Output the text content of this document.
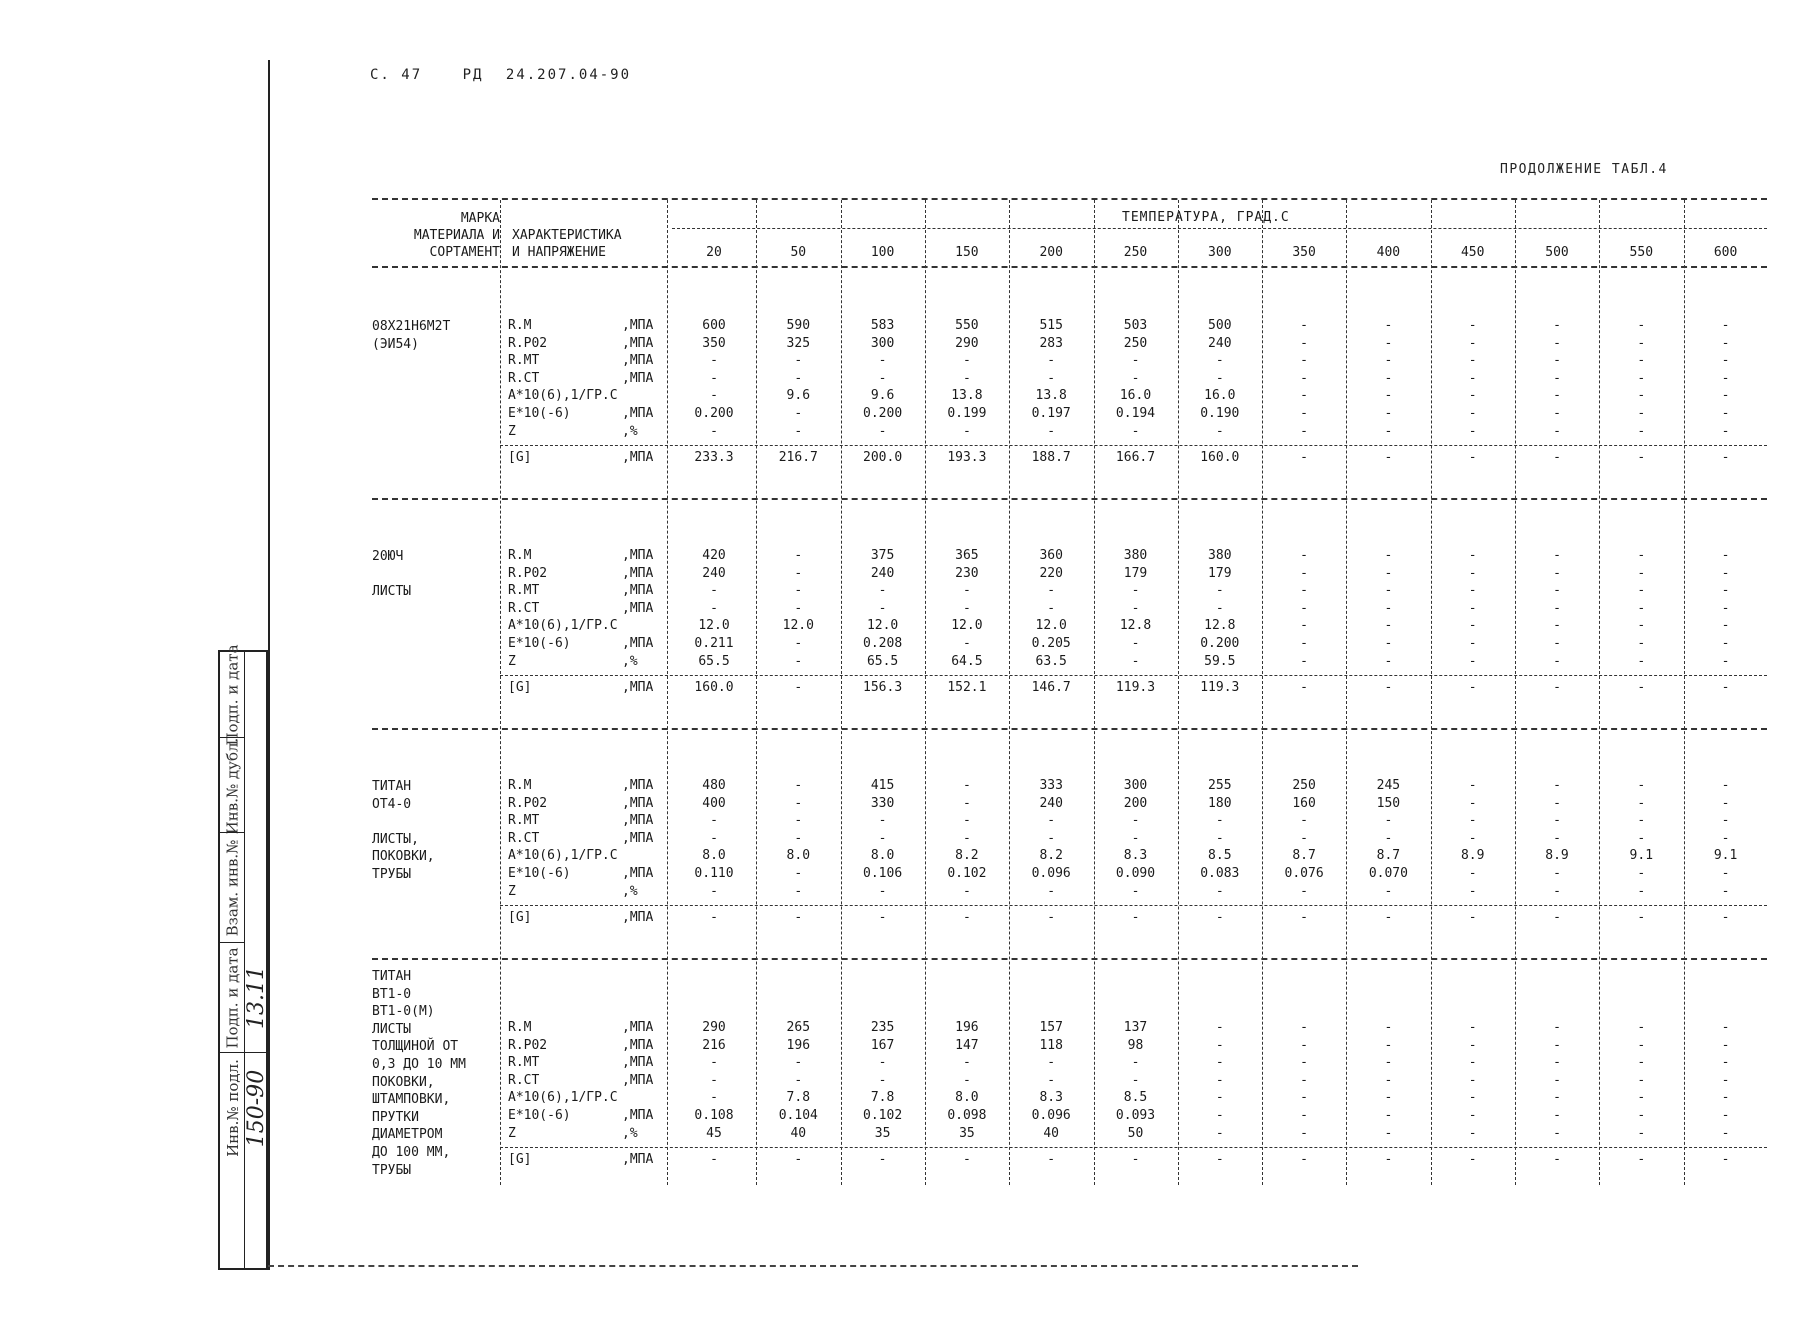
Подп. и дата
Инв.№ дубл.
Взам. инв.№
Подп. и дата
Инв.№ подл.
13.11
150-90
С. 47	РД 24.207.04-90
ПРОДОЛЖЕНИЕ ТАБЛ.4
МАРКА
МАТЕРИАЛА И
СОРТАМЕНТ
ХАРАКТЕРИСТИКА
И НАПРЯЖЕНИЕ
ТЕМПЕРАТУРА, ГРАД.С
20	50	100	150	200	250	300	350	400	450	500	550	600
08Х21Н6М2Т
(ЭИ54)
R.M	,МПА	600	590	583	550	515	503	500	-	-	-	-	-	-
R.P02	,МПА	350	325	300	290	283	250	240	-	-	-	-	-	-
R.MT	,МПА	-	-	-	-	-	-	-	-	-	-	-	-	-
R.CT	,МПА	-	-	-	-	-	-	-	-	-	-	-	-	-
A*10(6),1/ГР.С	-	9.6	9.6	13.8	13.8	16.0	16.0	-	-	-	-	-	-
E*10(-6)	,МПА	0.200	-	0.200	0.199	0.197	0.194	0.190	-	-	-	-	-	-
Z	,%	-	-	-	-	-	-	-	-	-	-	-	-	-
[G]	,МПА	233.3	216.7	200.0	193.3	188.7	166.7	160.0	-	-	-	-	-	-
20ЮЧ
ЛИСТЫ
R.M	,МПА	420	-	375	365	360	380	380	-	-	-	-	-	-
R.P02	,МПА	240	-	240	230	220	179	179	-	-	-	-	-	-
R.MT	,МПА	-	-	-	-	-	-	-	-	-	-	-	-	-
R.CT	,МПА	-	-	-	-	-	-	-	-	-	-	-	-	-
A*10(6),1/ГР.С	12.0	12.0	12.0	12.0	12.0	12.8	12.8	-	-	-	-	-	-
E*10(-6)	,МПА	0.211	-	0.208	-	0.205	-	0.200	-	-	-	-	-	-
Z	,%	65.5	-	65.5	64.5	63.5	-	59.5	-	-	-	-	-	-
[G]	,МПА	160.0	-	156.3	152.1	146.7	119.3	119.3	-	-	-	-	-	-
ТИТАН
ОТ4-0
ЛИСТЫ,
ПОКОВКИ,
ТРУБЫ
R.M	,МПА	480	-	415	-	333	300	255	250	245	-	-	-	-
R.P02	,МПА	400	-	330	-	240	200	180	160	150	-	-	-	-
R.MT	,МПА	-	-	-	-	-	-	-	-	-	-	-	-	-
R.CT	,МПА	-	-	-	-	-	-	-	-	-	-	-	-	-
A*10(6),1/ГР.С	8.0	8.0	8.0	8.2	8.2	8.3	8.5	8.7	8.7	8.9	8.9	9.1	9.1
E*10(-6)	,МПА	0.110	-	0.106	0.102	0.096	0.090	0.083	0.076	0.070	-	-	-	-
Z	,%	-	-	-	-	-	-	-	-	-	-	-	-	-
[G]	,МПА	-	-	-	-	-	-	-	-	-	-	-	-	-
ТИТАН
ВТ1-0
ВТ1-0(М)
ЛИСТЫ
ТОЛЩИНОЙ ОТ
0,3 ДО 10 ММ
ПОКОВКИ,
ШТАМПОВКИ,
ПРУТКИ
ДИАМЕТРОМ
ДО 100 ММ,
ТРУБЫ
R.M	,МПА	290	265	235	196	157	137	-	-	-	-	-	-	-
R.P02	,МПА	216	196	167	147	118	98	-	-	-	-	-	-	-
R.MT	,МПА	-	-	-	-	-	-	-	-	-	-	-	-	-
R.CT	,МПА	-	-	-	-	-	-	-	-	-	-	-	-	-
A*10(6),1/ГР.С	-	7.8	7.8	8.0	8.3	8.5	-	-	-	-	-	-	-
E*10(-6)	,МПА	0.108	0.104	0.102	0.098	0.096	0.093	-	-	-	-	-	-	-
Z	,%	45	40	35	35	40	50	-	-	-	-	-	-	-
[G]	,МПА	-	-	-	-	-	-	-	-	-	-	-	-	-
